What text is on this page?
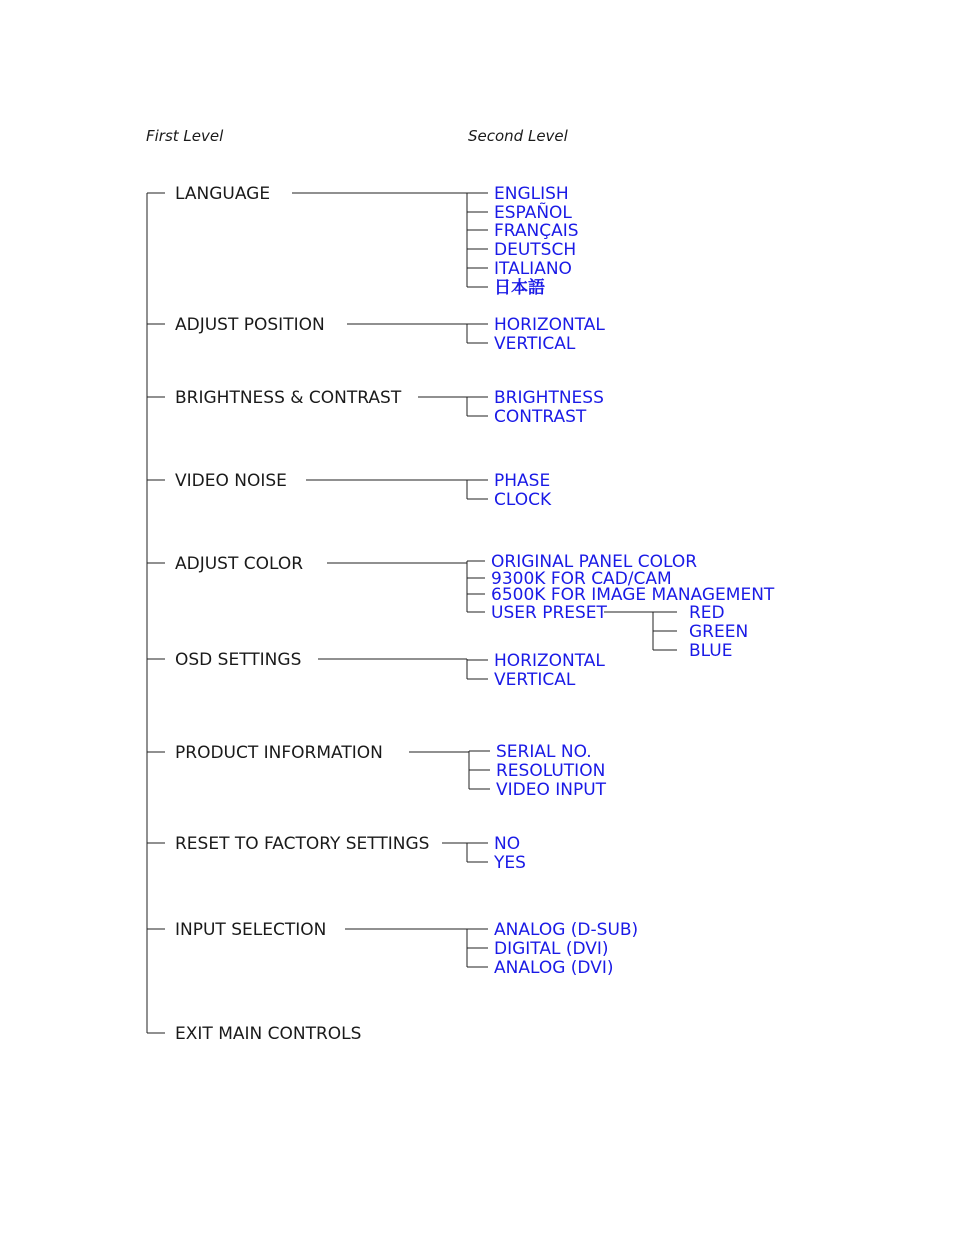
First Level	Second Level
LANGUAGE	ENGLISH
ESPAÑOL
FRANÇAIS
DEUTSCH
ITALIANO
日本語
ADJUST POSITION	HORIZONTAL
VERTICAL
BRIGHTNESS & CONTRAST	BRIGHTNESS
CONTRAST
VIDEO NOISE	PHASE
CLOCK
ADJUST COLOR	ORIGINAL PANEL COLOR
9300K FOR CAD/CAM
6500K FOR IMAGE MANAGEMENT
USER PRESET	RED
GREEN
BLUE
OSD SETTINGS	HORIZONTAL
VERTICAL
PRODUCT INFORMATION	SERIAL NO.
RESOLUTION
VIDEO INPUT
RESET TO FACTORY SETTINGS	NO
YES
INPUT SELECTION	ANALOG (D-SUB)
DIGITAL (DVI)
ANALOG (DVI)
EXIT MAIN CONTROLS
